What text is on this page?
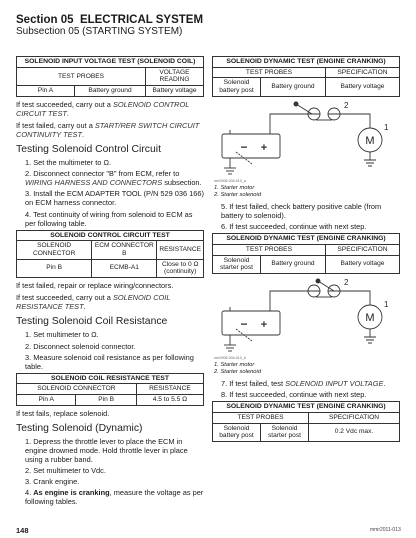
Section 05 ELECTRICAL SYSTEM
Subsection 05 (STARTING SYSTEM)
SOLENOID INPUT VOLTAGE TEST (SOLENOID COIL)		
TEST PROBES		VOLTAGE READING
Pin A	Battery ground	Battery voltage

If test succeeded, carry out a SOLENOID CONTROL CIRCUIT TEST.

If test failed, carry out a START/RER SWITCH CIRCUIT CONTINUITY TEST.

Testing Solenoid Control Circuit
1. Set the multimeter to Ω.
2. Disconnect connector "B" from ECM, refer to WIRING HARNESS AND CONNECTORS subsection.
3. Install the ECM ADAPTER TOOL (P/N 529 036 166) on ECM harness connector.
4. Test continuity of wiring from solenoid to ECM as per following table.
SOLENOID CONTROL CIRCUIT TEST		
SOLENOID CONNECTOR	ECM CONNECTOR B	RESISTANCE
Pin B	ECMB-A1	Close to 0 Ω
(continuity)

If test failed, repair or replace wiring/connectors.

If test succeeded, carry out a SOLENOID COIL RESISTANCE TEST.

Testing Solenoid Coil Resistance
1. Set multimeter to Ω.
2. Disconnect solenoid connector.
3. Measure solenoid coil resistance as per following table.
SOLENOID COIL RESISTANCE TEST		
SOLENOID CONNECTOR		RESISTANCE
Pin A	Pin B	4.5 to 5.5 Ω

If test fails, replace solenoid.

Testing Solenoid (Dynamic)
1. Depress the throttle lever to place the ECM in engine drowned mode. Hold throttle lever in place using a rubber band.
2. Set multimeter to Vdc.
3. Crank engine.
4. As engine is cranking, measure the voltage as per following tables.
SOLENOID DYNAMIC TEST (ENGINE CRANKING)		
TEST PROBES		SPECIFICATION
Solenoid battery post	Battery ground	Battery voltage
− +
M
2
1
rmr2008-004-010_a
1. Starter motor
2. Starter solenoid
5. If test failed, check battery positive cable (from battery to solenoid).
6. If test succeeded, continue with next step.
SOLENOID DYNAMIC TEST (ENGINE CRANKING)		
TEST PROBES		SPECIFICATION
Solenoid starter post	Battery ground	Battery voltage
− +
M
2
1
rmr2008-004-010_b
1. Starter motor
2. Starter solenoid
7. If test failed, test SOLENOID INPUT VOLTAGE.
8. If test succeeded, continue with next step.
SOLENOID DYNAMIC TEST (ENGINE CRANKING)		
TEST PROBES		SPECIFICATION
Solenoid battery post	Solenoid starter post	0.2 Vdc max.
148	mmr2011-013
